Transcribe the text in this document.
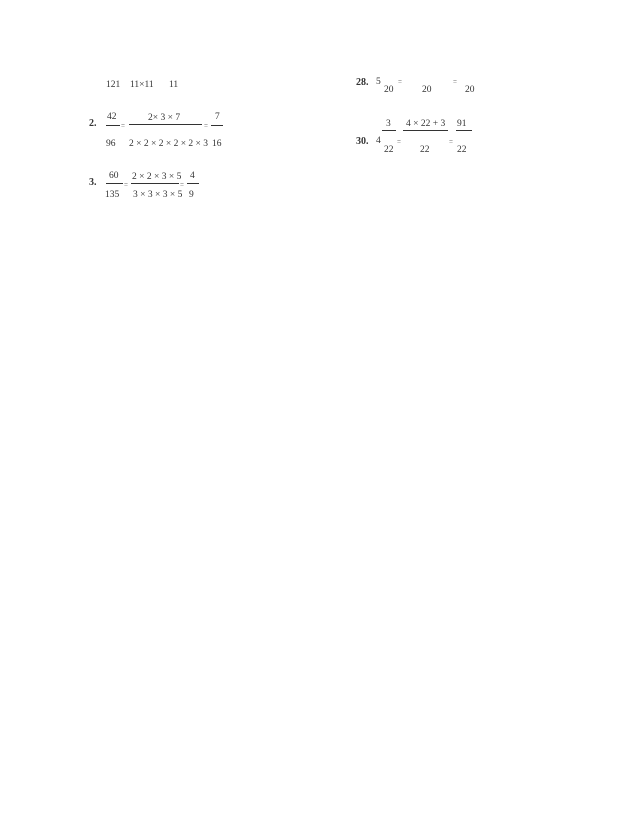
121 11×11 11
2.
42
96
=
2× 3 × 7
2 × 2 × 2 × 2 × 2 × 3
=
7
16
3.
60
135
=
2 × 2 × 3 × 5
3 × 3 × 3 × 5
=
4
9
28. 5
20
=
20
=
20
30. 4
3
22
=
4 × 22 + 3
22
=
91
22
